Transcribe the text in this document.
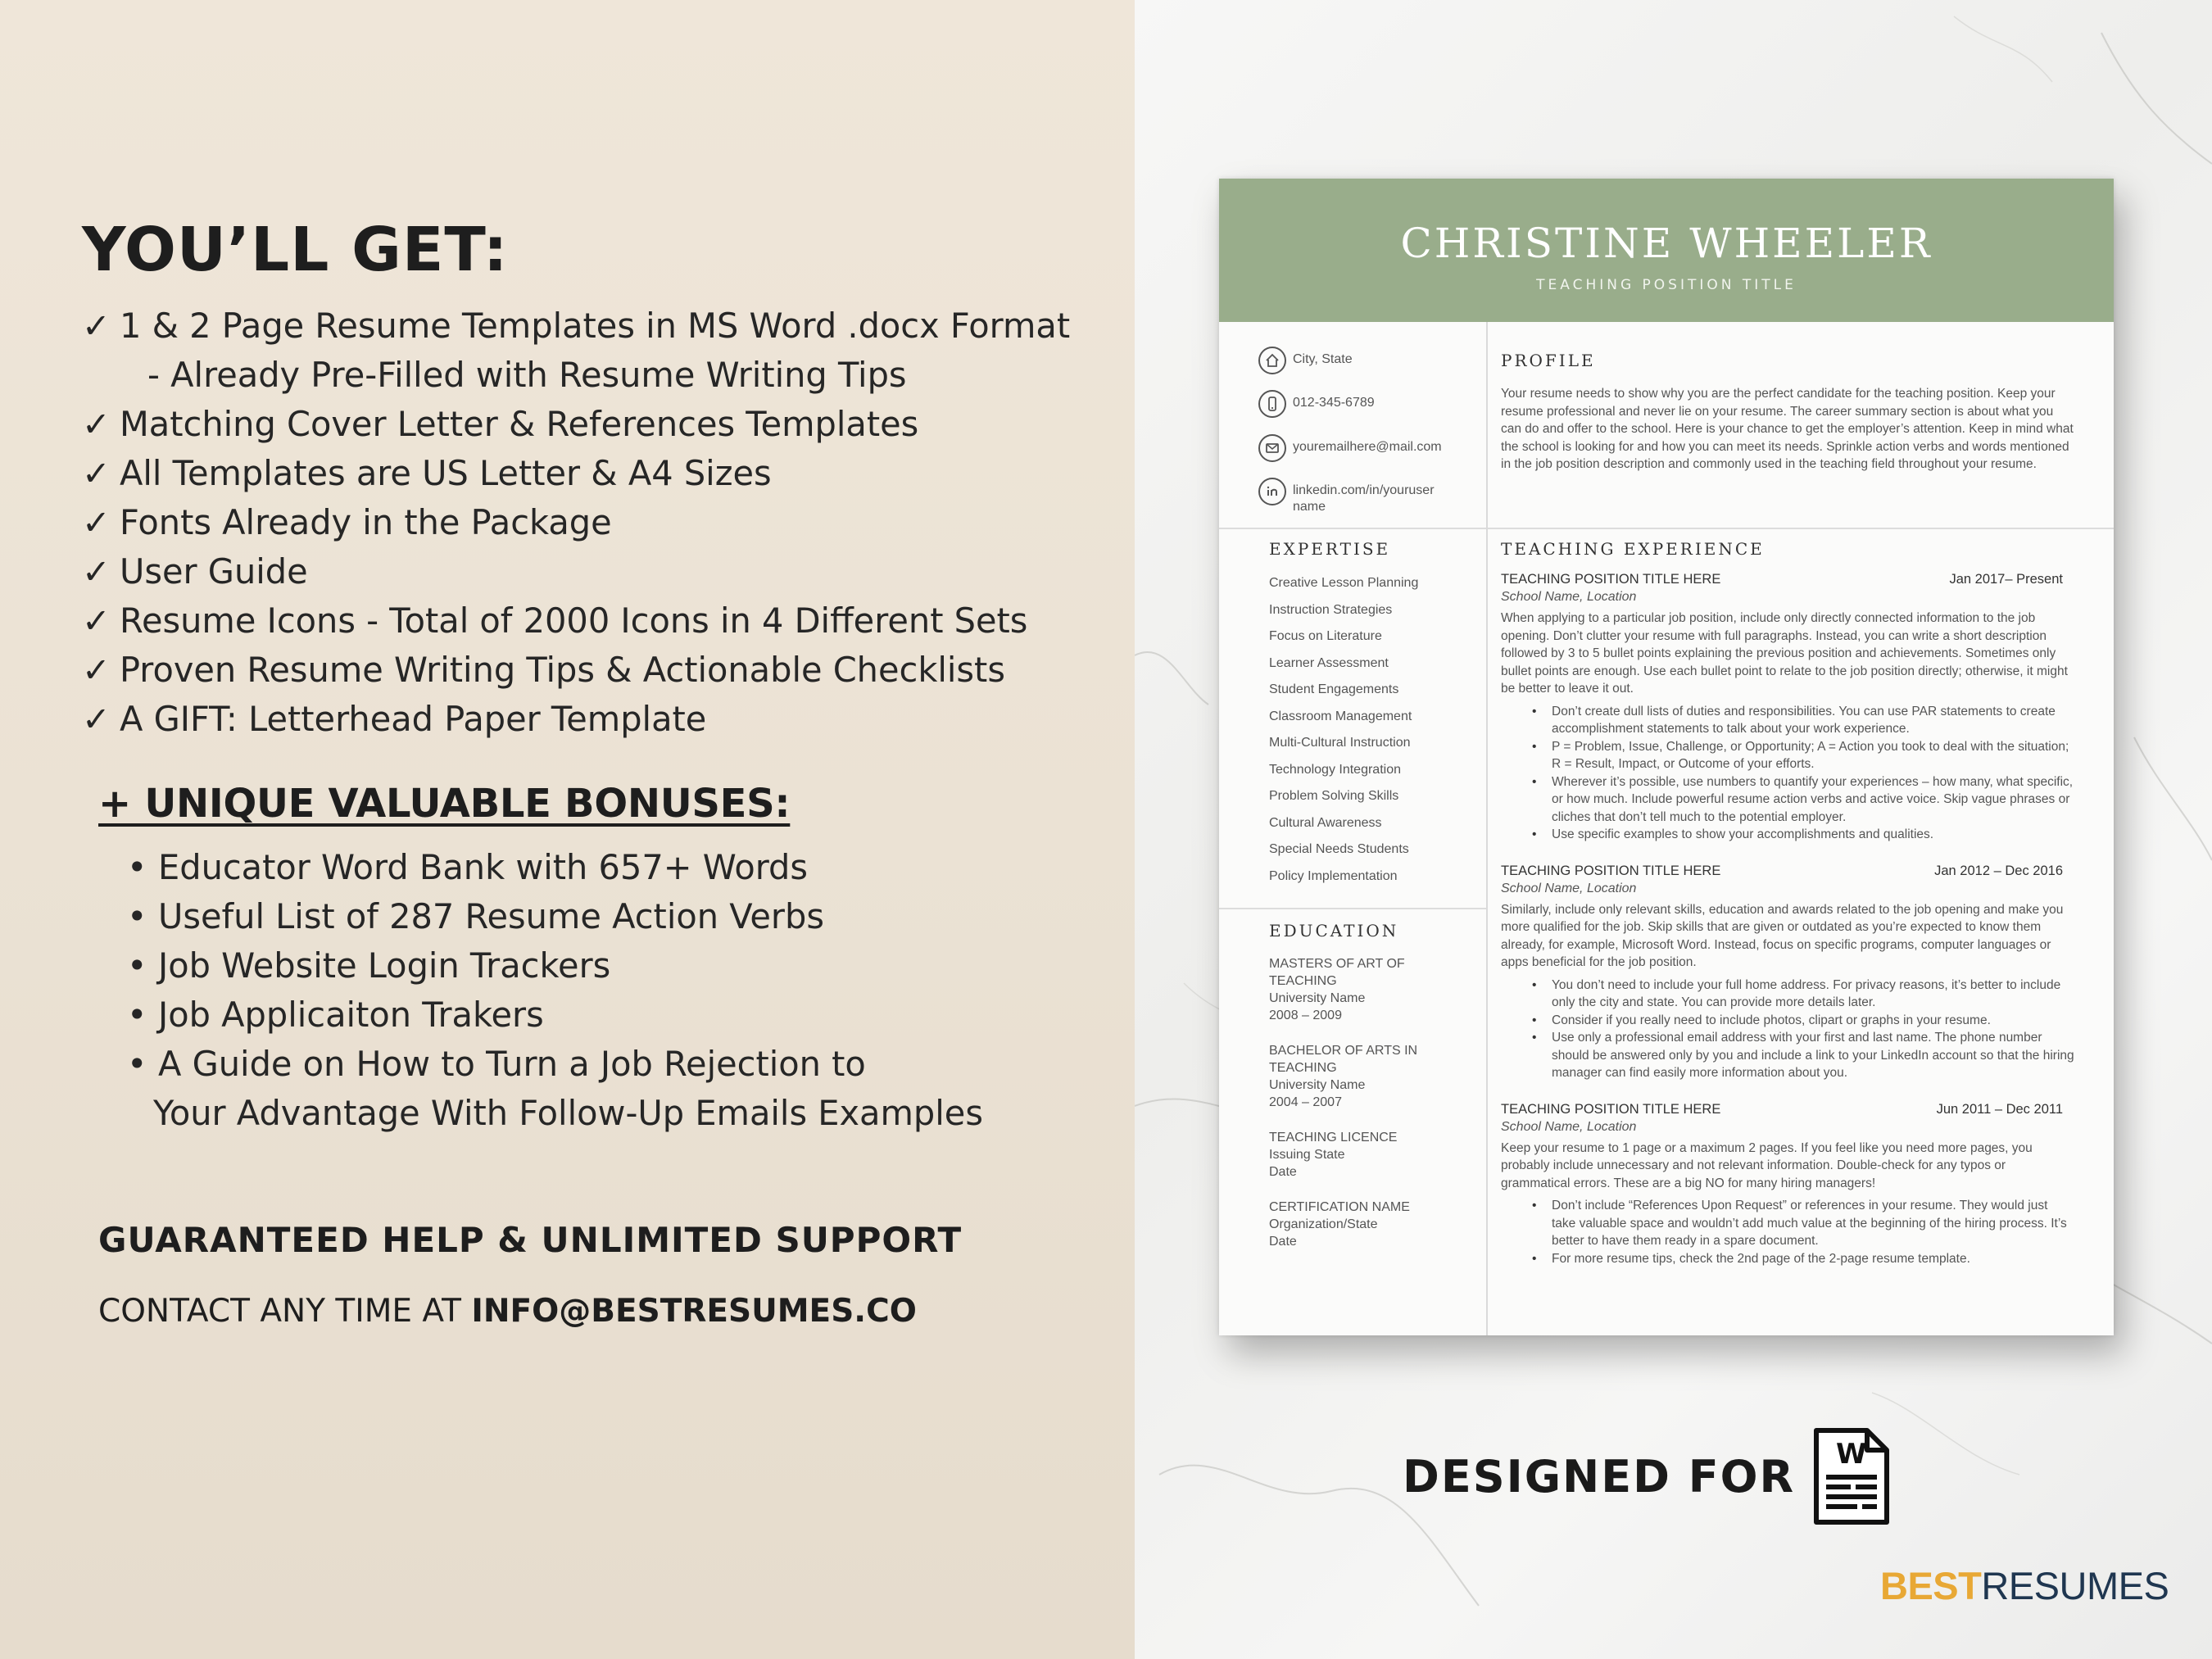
YOU’LL GET:
✓ 1 & 2 Page Resume Templates in MS Word .docx Format
- Already Pre-Filled with Resume Writing Tips
✓ Matching Cover Letter & References Templates
✓ All Templates are US Letter & A4 Sizes
✓ Fonts Already in the Package
✓ User Guide
✓ Resume Icons - Total of 2000 Icons in 4 Different Sets
✓ Proven Resume Writing Tips & Actionable Checklists
✓ A GIFT: Letterhead Paper Template
+ UNIQUE VALUABLE BONUSES:
• Educator Word Bank with 657+ Words
• Useful List of 287 Resume Action Verbs
• Job Website Login Trackers
• Job Applicaiton Trakers
• A Guide on How to Turn a Job Rejection to
Your Advantage With Follow-Up Emails Examples
GUARANTEED HELP & UNLIMITED SUPPORT
CONTACT ANY TIME AT INFO@BESTRESUMES.CO
CHRISTINE WHEELER
TEACHING POSITION TITLE
City, State
012-345-6789
youremailhere@mail.com
linkedin.com/in/youruser name
EXPERTISE
Creative Lesson Planning
Instruction Strategies
Focus on Literature
Learner Assessment
Student Engagements
Classroom Management
Multi-Cultural Instruction
Technology Integration
Problem Solving Skills
Cultural Awareness
Special Needs Students
Policy Implementation
EDUCATION
MASTERS OF ART OF TEACHING
University Name
2008 – 2009
BACHELOR OF ARTS IN TEACHING
University Name
2004 – 2007
TEACHING LICENCE
Issuing State
Date
CERTIFICATION NAME
Organization/State
Date
PROFILE
Your resume needs to show why you are the perfect candidate for the teaching position. Keep your resume professional and never lie on your resume. The career summary section is about what you can do and offer to the school. Here is your chance to get the employer’s attention. Keep in mind what the school is looking for and how you can meet its needs. Sprinkle action verbs and words mentioned in the job position description and commonly used in the teaching field throughout your resume.
TEACHING EXPERIENCE
TEACHING POSITION TITLE HERE	Jan 2017– Present
School Name, Location
When applying to a particular job position, include only directly connected information to the job opening. Don’t clutter your resume with full paragraphs. Instead, you can write a short description followed by 3 to 5 bullet points explaining the previous position and achievements. Sometimes only bullet points are enough. Use each bullet point to relate to the job position directly; otherwise, it might be better to leave it out.
• Don’t create dull lists of duties and responsibilities. You can use PAR statements to create accomplishment statements to talk about your work experience.
• P = Problem, Issue, Challenge, or Opportunity; A = Action you took to deal with the situation; R = Result, Impact, or Outcome of your efforts.
• Wherever it’s possible, use numbers to quantify your experiences – how many, what specific, or how much. Include powerful resume action verbs and active voice. Skip vague phrases or cliches that don’t tell much to the potential employer.
• Use specific examples to show your accomplishments and qualities.
TEACHING POSITION TITLE HERE	Jan 2012 – Dec 2016
School Name, Location
Similarly, include only relevant skills, education and awards related to the job opening and make you more qualified for the job. Skip skills that are given or outdated as you’re expected to know them already, for example, Microsoft Word. Instead, focus on specific programs, computer languages or apps beneficial for the job position.
• You don’t need to include your full home address. For privacy reasons, it’s better to include only the city and state. You can provide more details later.
• Consider if you really need to include photos, clipart or graphs in your resume.
• Use only a professional email address with your first and last name. The phone number should be answered only by you and include a link to your LinkedIn account so that the hiring manager can find easily more information about you.
TEACHING POSITION TITLE HERE	Jun 2011 – Dec 2011
School Name, Location
Keep your resume to 1 page or a maximum 2 pages. If you feel like you need more pages, you probably include unnecessary and not relevant information. Double-check for any typos or grammatical errors. These are a big NO for many hiring managers!
• Don’t include “References Upon Request” or references in your resume. They would just take valuable space and wouldn’t add much value at the beginning of the hiring process. It’s better to have them ready in a spare document.
• For more resume tips, check the 2nd page of the 2-page resume template.
DESIGNED FOR W
BESTRESUMES
